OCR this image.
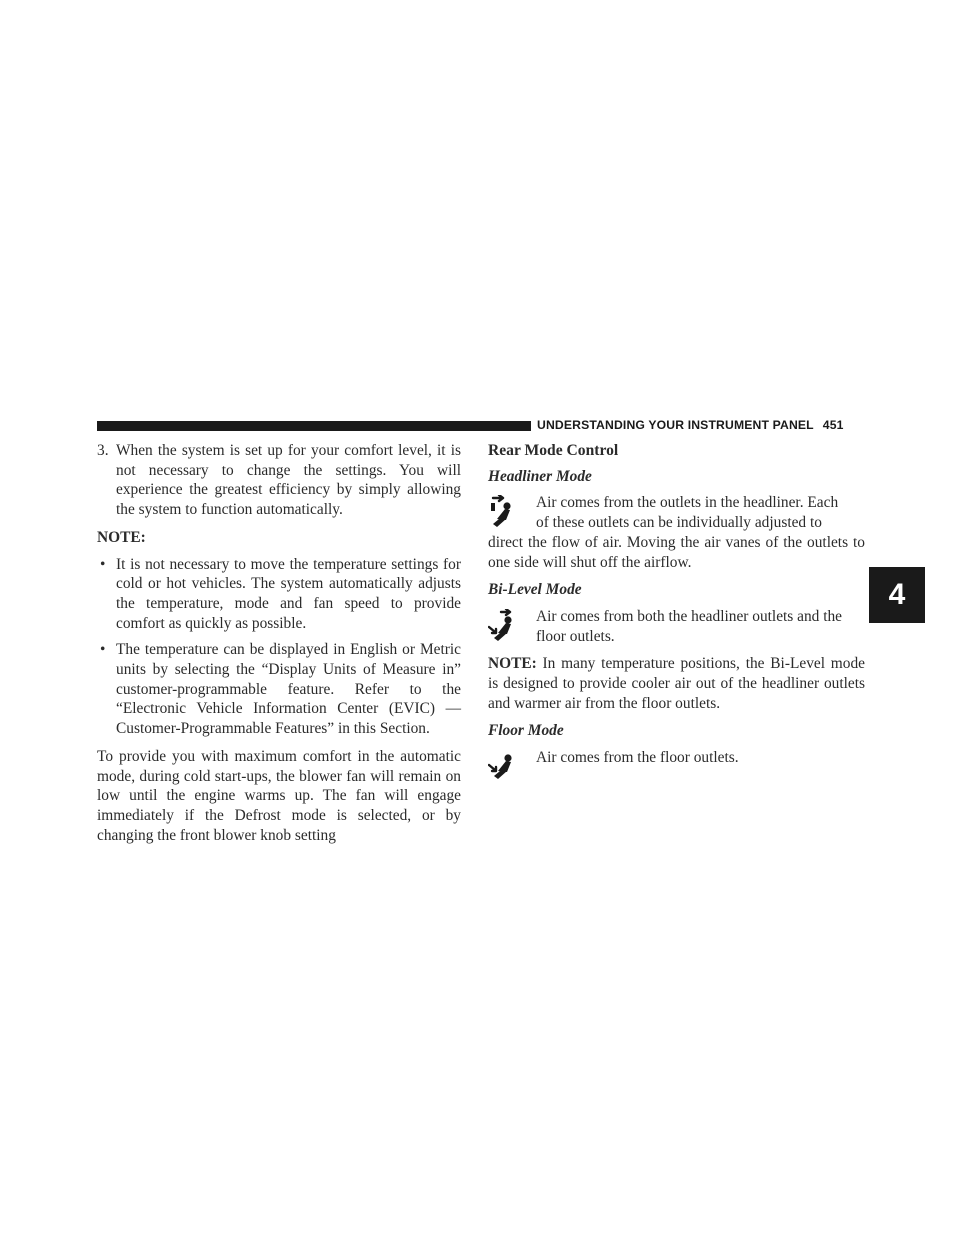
UNDERSTANDING YOUR INSTRUMENT PANEL 451
4
3. When the system is set up for your comfort level, it is not necessary to change the settings. You will experience the greatest efficiency by simply allowing the system to function automatically.

NOTE:

• It is not necessary to move the temperature settings for cold or hot vehicles. The system automatically adjusts the temperature, mode and fan speed to provide comfort as quickly as possible.
• The temperature can be displayed in English or Metric units by selecting the “Display Units of Measure in” customer-programmable feature. Refer to the “Electronic Vehicle Information Center (EVIC) — Customer-Programmable Features” in this Section.

To provide you with maximum comfort in the automatic mode, during cold start-ups, the blower fan will remain on low until the engine warms up. The fan will engage immediately if the Defrost mode is selected, or by changing the front blower knob setting

Rear Mode Control

Headliner Mode

Air comes from the outlets in the headliner. Each
of these outlets can be individually adjusted to
direct the flow of air. Moving the air vanes of the outlets to one side will shut off the airflow.

Bi-Level Mode

Air comes from both the headliner outlets and the
floor outlets.

NOTE: In many temperature positions, the Bi-Level mode is designed to provide cooler air out of the headliner outlets and warmer air from the floor outlets.

Floor Mode

Air comes from the floor outlets.
